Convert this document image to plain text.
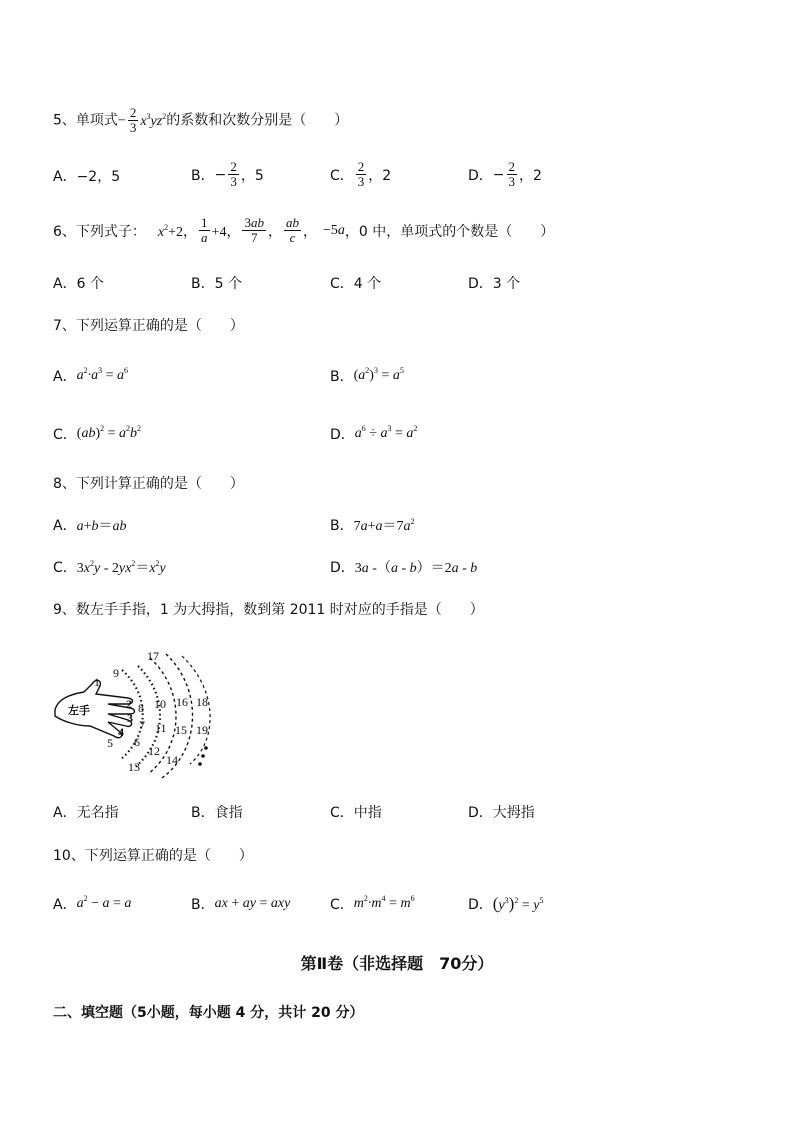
5、单项式− $\frac{2}{3} x^3yz^2$的系数和次数分别是（　　）
A． −2，5	B． − $\frac{2}{3}$ ，5	C． $\frac{2}{3}$ ，2	D． − $\frac{2}{3}$ ，2
6、下列式子： $x^2+2$， $\frac{1}{a} +4$， $\frac{3ab}{7}$ ， $\frac{ab}{c}$ ， −5 a ，0 中，单项式的个数是（　　）
A． 6 个	B． 5 个	C． 4 个	D． 3 个
7、下列运算正确的是（　　）
A． $a^2\cdot a^3 = a^6$	B． $(a^2)^3 = a^5$
C． $(ab)^2 = a^2b^2$	D． $a^6 \div a^3 = a^2$
8、下列计算正确的是（　　）
A． a+b＝ab	B． $7a+a=7a^2$
C． $3x^2y - 2yx^2=x^2y$	D． 3a -（a - b）＝2a - b
9、数左手手指，1 为大拇指，数到第 2011 时对应的手指是（　　）
左手
1
2
3
4
5 6
7
8
9
10
11
12
13 14
15
16
17
18
19
A． 无名指	B． 食指	C． 中指	D． 大拇指
10、下列运算正确的是（　　）
A． $a^2 - a = a$	B． ax + ay = axy	C． $m^2\cdot m^4 = m^6$	D． $(y^3)^2 = y^5$
第Ⅱ卷（非选择题　70分）
二、填空题（5小题，每小题 4 分，共计 20 分）
